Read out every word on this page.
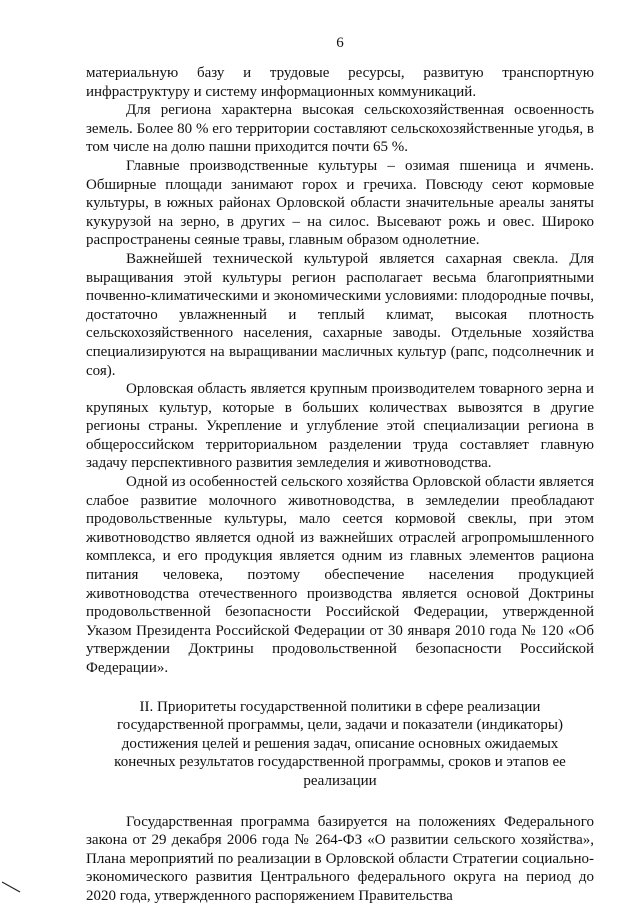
6

материальную базу и трудовые ресурсы, развитую транспортную инфраструктуру и систему информационных коммуникаций.

Для региона характерна высокая сельскохозяйственная освоенность земель. Более 80 % его территории составляют сельскохозяйственные угодья, в том числе на долю пашни приходится почти 65 %.

Главные производственные культуры – озимая пшеница и ячмень. Обширные площади занимают горох и гречиха. Повсюду сеют кормовые культуры, в южных районах Орловской области значительные ареалы заняты кукурузой на зерно, в других – на силос. Высевают рожь и овес. Широко распространены сеяные травы, главным образом однолетние.

Важнейшей технической культурой является сахарная свекла. Для выращивания этой культуры регион располагает весьма благоприятными почвенно-климатическими и экономическими условиями: плодородные почвы, достаточно увлажненный и теплый климат, высокая плотность сельскохозяйственного населения, сахарные заводы. Отдельные хозяйства специализируются на выращивании масличных культур (рапс, подсолнечник и соя).

Орловская область является крупным производителем товарного зерна и крупяных культур, которые в больших количествах вывозятся в другие регионы страны. Укрепление и углубление этой специализации региона в общероссийском территориальном разделении труда составляет главную задачу перспективного развития земледелия и животноводства.

Одной из особенностей сельского хозяйства Орловской области является слабое развитие молочного животноводства, в земледелии преобладают продовольственные культуры, мало сеется кормовой свеклы, при этом животноводство является одной из важнейших отраслей агропромышленного комплекса, и его продукция является одним из главных элементов рациона питания человека, поэтому обеспечение населения продукцией животноводства отечественного производства является основой Доктрины продовольственной безопасности Российской Федерации, утвержденной Указом Президента Российской Федерации от 30 января 2010 года № 120 «Об утверждении Доктрины продовольственной безопасности Российской Федерации».

II. Приоритеты государственной политики в сфере реализации государственной программы, цели, задачи и показатели (индикаторы) достижения целей и решения задач, описание основных ожидаемых конечных результатов государственной программы, сроков и этапов ее реализации

Государственная программа базируется на положениях Федерального закона от 29 декабря 2006 года № 264-ФЗ «О развитии сельского хозяйства», Плана мероприятий по реализации в Орловской области Стратегии социально-экономического развития Центрального федерального округа на период до 2020 года, утвержденного распоряжением Правительства
